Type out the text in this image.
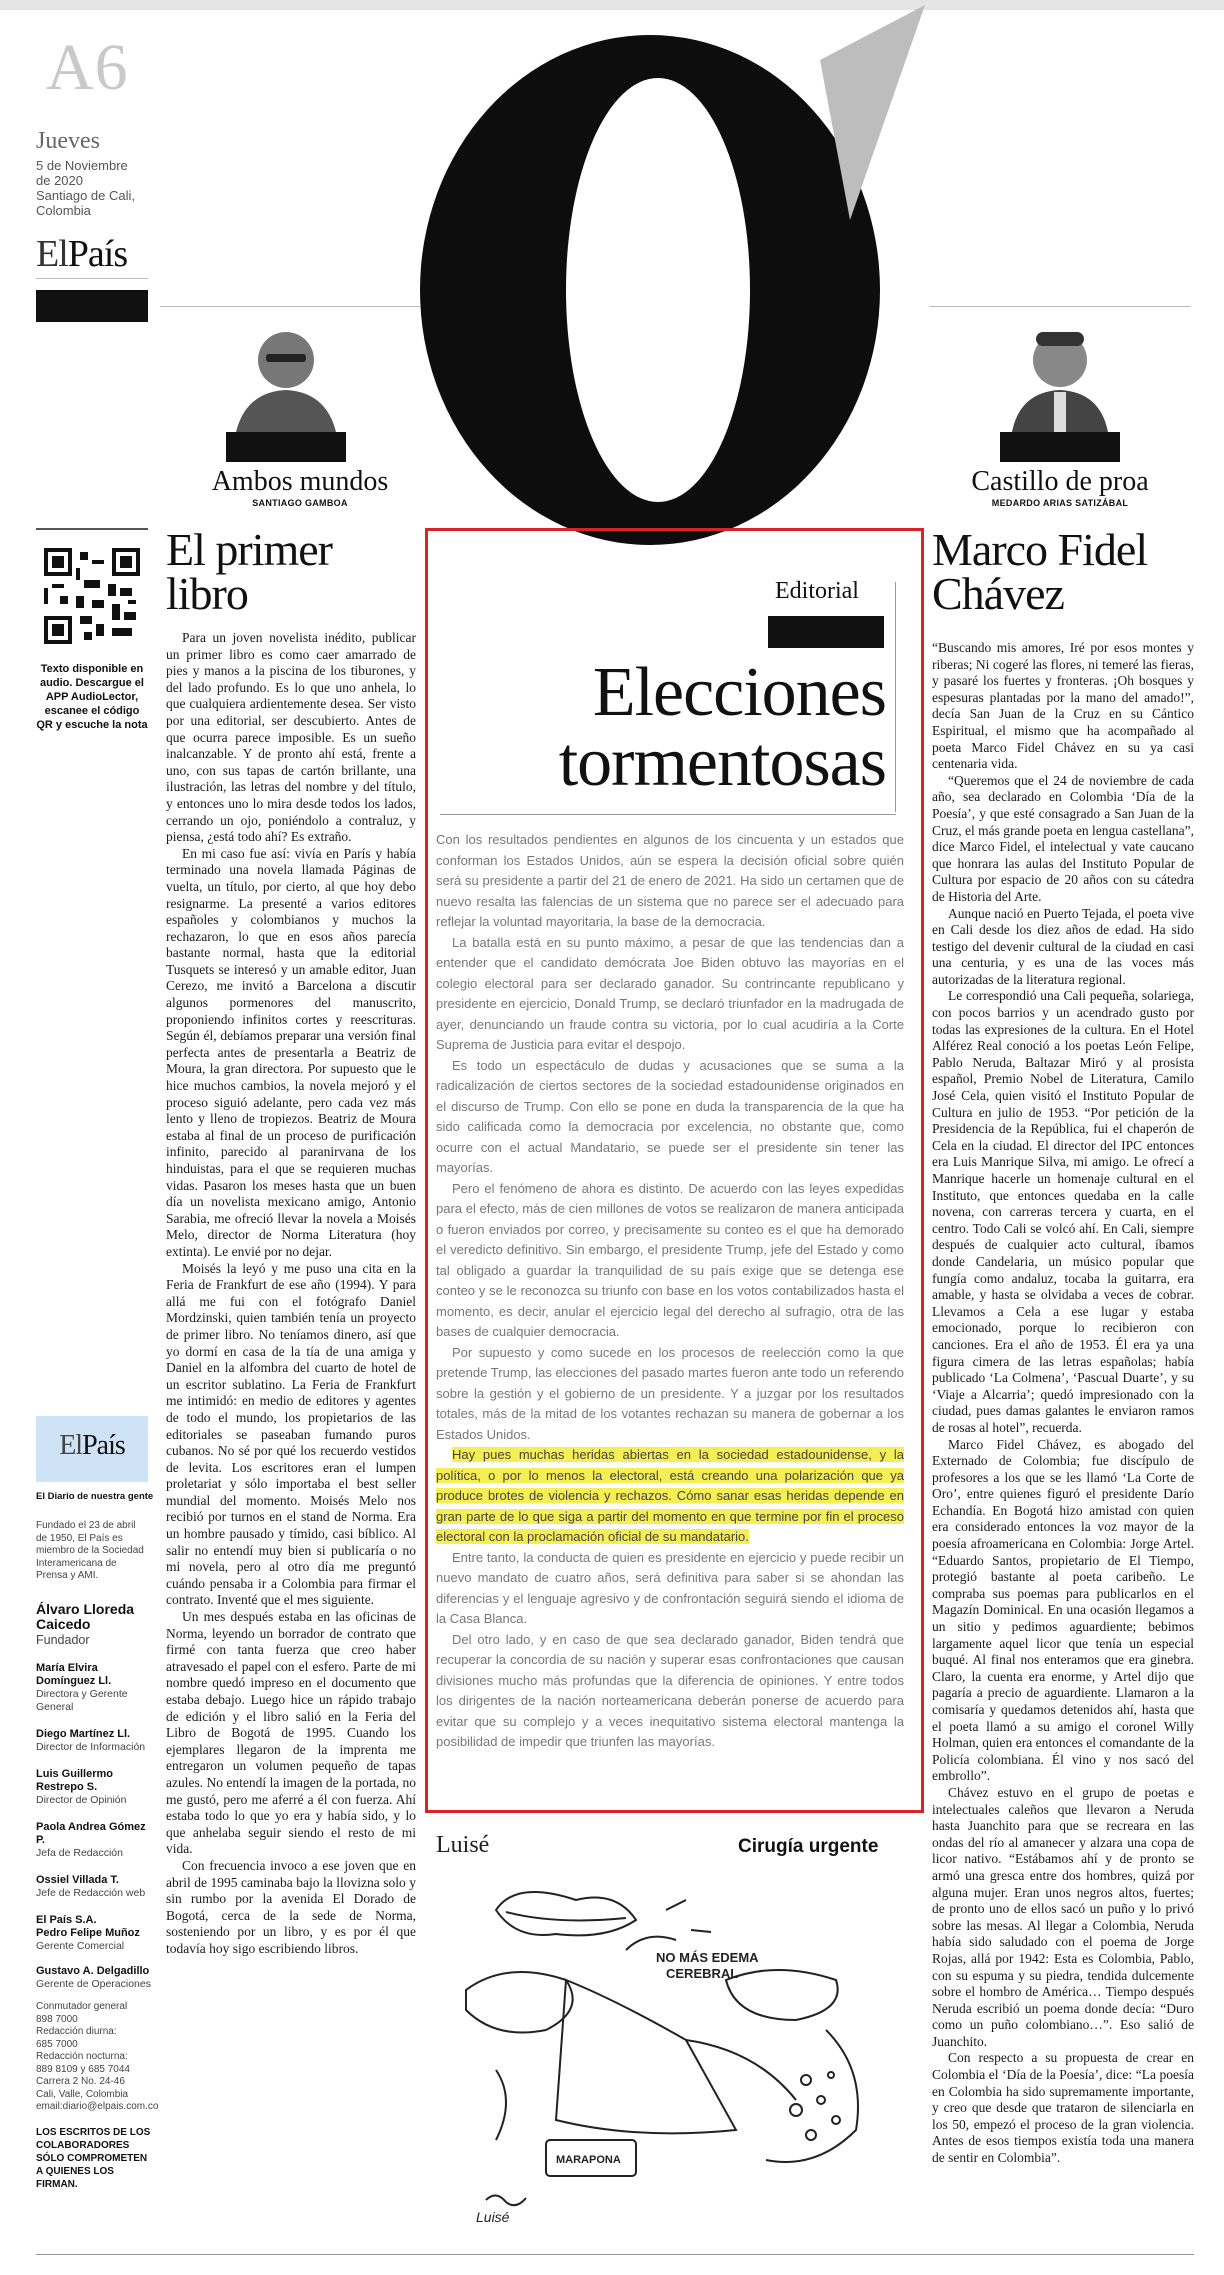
A6
Jueves
5 de Noviembre
de 2020
Santiago de Cali,
Colombia
ElPaís
Ambos mundos
SANTIAGO GAMBOA
Castillo de proa
MEDARDO ARIAS SATIZÁBAL
Texto disponible en audio. Descargue el APP AudioLector, escanee el código QR y escuche la nota
ElPaís
El Diario de nuestra gente
Fundado el 23 de abril de 1950, El País es miembro de la Sociedad Interamericana de Prensa y AMI.
Álvaro Lloreda Caicedo
Fundador
María Elvira Domínguez Ll.
Directora y Gerente General
Diego Martínez Ll.
Director de Información
Luis Guillermo Restrepo S.
Director de Opinión
Paola Andrea Gómez P.
Jefa de Redacción
Ossiel Villada T.
Jefe de Redacción web
El País S.A.
Pedro Felipe Muñoz
Gerente Comercial
Gustavo A. Delgadillo
Gerente de Operaciones
Conmutador general
898 7000
Redacción diurna:
685 7000
Redacción nocturna:
889 8109 y 685 7044
Carrera 2 No. 24-46
Cali, Valle, Colombia
email:diario@elpais.com.co
LOS ESCRITOS DE LOS COLABORADORES SÓLO COMPROMETEN A QUIENES LOS FIRMAN.
El primer libro

Para un joven novelista inédito, publicar un primer libro es como caer amarrado de pies y manos a la piscina de los tiburones, y del lado profundo. Es lo que uno anhela, lo que cualquiera ardientemente desea. Ser visto por una editorial, ser descubierto. Antes de que ocurra parece imposible. Es un sueño inalcanzable. Y de pronto ahí está, frente a uno, con sus tapas de cartón brillante, una ilustración, las letras del nombre y del título, y entonces uno lo mira desde todos los lados, cerrando un ojo, poniéndolo a contraluz, y piensa, ¿está todo ahí? Es extraño.

En mi caso fue así: vivía en París y había terminado una novela llamada Páginas de vuelta, un título, por cierto, al que hoy debo resignarme. La presenté a varios editores españoles y colombianos y muchos la rechazaron, lo que en esos años parecía bastante normal, hasta que la editorial Tusquets se interesó y un amable editor, Juan Cerezo, me invitó a Barcelona a discutir algunos pormenores del manuscrito, proponiendo infinitos cortes y reescrituras. Según él, debíamos preparar una versión final perfecta antes de presentarla a Beatriz de Moura, la gran directora. Por supuesto que le hice muchos cambios, la novela mejoró y el proceso siguió adelante, pero cada vez más lento y lleno de tropiezos. Beatriz de Moura estaba al final de un proceso de purificación infinito, parecido al paranirvana de los hinduistas, para el que se requieren muchas vidas. Pasaron los meses hasta que un buen día un novelista mexicano amigo, Antonio Sarabia, me ofreció llevar la novela a Moisés Melo, director de Norma Literatura (hoy extinta). Le envié por no dejar.

Moisés la leyó y me puso una cita en la Feria de Frankfurt de ese año (1994). Y para allá me fui con el fotógrafo Daniel Mordzinski, quien también tenía un proyecto de primer libro. No teníamos dinero, así que yo dormí en casa de la tía de una amiga y Daniel en la alfombra del cuarto de hotel de un escritor sublatino. La Feria de Frankfurt me intimidó: en medio de editores y agentes de todo el mundo, los propietarios de las editoriales se paseaban fumando puros cubanos. No sé por qué los recuerdo vestidos de levita. Los escritores eran el lumpen proletariat y sólo importaba el best seller mundial del momento. Moisés Melo nos recibió por turnos en el stand de Norma. Era un hombre pausado y tímido, casi bíblico. Al salir no entendí muy bien si publicaría o no mi novela, pero al otro día me preguntó cuándo pensaba ir a Colombia para firmar el contrato. Inventé que el mes siguiente.

Un mes después estaba en las oficinas de Norma, leyendo un borrador de contrato que firmé con tanta fuerza que creo haber atravesado el papel con el esfero. Parte de mi nombre quedó impreso en el documento que estaba debajo. Luego hice un rápido trabajo de edición y el libro salió en la Feria del Libro de Bogotá de 1995. Cuando los ejemplares llegaron de la imprenta me entregaron un volumen pequeño de tapas azules. No entendí la imagen de la portada, no me gustó, pero me aferré a él con fuerza. Ahí estaba todo lo que yo era y había sido, y lo que anhelaba seguir siendo el resto de mi vida.

Con frecuencia invoco a ese joven que en abril de 1995 caminaba bajo la llovizna solo y sin rumbo por la avenida El Dorado de Bogotá, cerca de la sede de Norma, sosteniendo por un libro, y es por él que todavía hoy sigo escribiendo libros.

Editorial
Elecciones
tormentosas

Con los resultados pendientes en algunos de los cincuenta y un estados que conforman los Estados Unidos, aún se espera la decisión oficial sobre quién será su presidente a partir del 21 de enero de 2021. Ha sido un certamen que de nuevo resalta las falencias de un sistema que no parece ser el adecuado para reflejar la voluntad mayoritaria, la base de la democracia.

La batalla está en su punto máximo, a pesar de que las tendencias dan a entender que el candidato demócrata Joe Biden obtuvo las mayorías en el colegio electoral para ser declarado ganador. Su contrincante republicano y presidente en ejercicio, Donald Trump, se declaró triunfador en la madrugada de ayer, denunciando un fraude contra su victoria, por lo cual acudiría a la Corte Suprema de Justicia para evitar el despojo.

Es todo un espectáculo de dudas y acusaciones que se suma a la radicalización de ciertos sectores de la sociedad estadounidense originados en el discurso de Trump. Con ello se pone en duda la transparencia de la que ha sido calificada como la democracia por excelencia, no obstante que, como ocurre con el actual Mandatario, se puede ser el presidente sin tener las mayorías.

Pero el fenómeno de ahora es distinto. De acuerdo con las leyes expedidas para el efecto, más de cien millones de votos se realizaron de manera anticipada o fueron enviados por correo, y precisamente su conteo es el que ha demorado el veredicto definitivo. Sin embargo, el presidente Trump, jefe del Estado y como tal obligado a guardar la tranquilidad de su país exige que se detenga ese conteo y se le reconozca su triunfo con base en los votos contabilizados hasta el momento, es decir, anular el ejercicio legal del derecho al sufragio, otra de las bases de cualquier democracia.

Por supuesto y como sucede en los procesos de reelección como la que pretende Trump, las elecciones del pasado martes fueron ante todo un referendo sobre la gestión y el gobierno de un presidente. Y a juzgar por los resultados totales, más de la mitad de los votantes rechazan su manera de gobernar a los Estados Unidos.

Hay pues muchas heridas abiertas en la sociedad estadounidense, y la política, o por lo menos la electoral, está creando una polarización que ya produce brotes de violencia y rechazos. Cómo sanar esas heridas depende en gran parte de lo que siga a partir del momento en que termine por fin el proceso electoral con la proclamación oficial de su mandatario.

Entre tanto, la conducta de quien es presidente en ejercicio y puede recibir un nuevo mandato de cuatro años, será definitiva para saber si se ahondan las diferencias y el lenguaje agresivo y de confrontación seguirá siendo el idioma de la Casa Blanca.

Del otro lado, y en caso de que sea declarado ganador, Biden tendrá que recuperar la concordia de su nación y superar esas confrontaciones que causan divisiones mucho más profundas que la diferencia de opiniones. Y entre todos los dirigentes de la nación norteamericana deberán ponerse de acuerdo para evitar que su complejo y a veces inequitativo sistema electoral mantenga la posibilidad de impedir que triunfen las mayorías.

Luisé	Cirugía urgente
NO MÁS EDEMA
CEREBRAL
MARAPONA
Luisé
Marco Fidel Chávez

“Buscando mis amores, Iré por esos montes y riberas; Ni cogeré las flores, ni temeré las fieras, y pasaré los fuertes y fronteras. ¡Oh bosques y espesuras plantadas por la mano del amado!”, decía San Juan de la Cruz en su Cántico Espiritual, el mismo que ha acompañado al poeta Marco Fidel Chávez en su ya casi centenaria vida.

“Queremos que el 24 de noviembre de cada año, sea declarado en Colombia ‘Día de la Poesía’, y que esté consagrado a San Juan de la Cruz, el más grande poeta en lengua castellana”, dice Marco Fidel, el intelectual y vate caucano que honrara las aulas del Instituto Popular de Cultura por espacio de 20 años con su cátedra de Historia del Arte.

Aunque nació en Puerto Tejada, el poeta vive en Cali desde los diez años de edad. Ha sido testigo del devenir cultural de la ciudad en casi una centuria, y es una de las voces más autorizadas de la literatura regional.

Le correspondió una Cali pequeña, solariega, con pocos barrios y un acendrado gusto por todas las expresiones de la cultura. En el Hotel Alférez Real conoció a los poetas León Felipe, Pablo Neruda, Baltazar Miró y al prosista español, Premio Nobel de Literatura, Camilo José Cela, quien visitó el Instituto Popular de Cultura en julio de 1953. “Por petición de la Presidencia de la República, fui el chaperón de Cela en la ciudad. El director del IPC entonces era Luis Manrique Silva, mi amigo. Le ofrecí a Manrique hacerle un homenaje cultural en el Instituto, que entonces quedaba en la calle novena, con carreras tercera y cuarta, en el centro. Todo Cali se volcó ahí. En Cali, siempre después de cualquier acto cultural, íbamos donde Candelaria, un músico popular que fungía como andaluz, tocaba la guitarra, era amable, y hasta se olvidaba a veces de cobrar. Llevamos a Cela a ese lugar y estaba emocionado, porque lo recibieron con canciones. Era el año de 1953. Él era ya una figura cimera de las letras españolas; había publicado ‘La Colmena’, ‘Pascual Duarte’, y su ‘Viaje a Alcarria’; quedó impresionado con la ciudad, pues damas galantes le enviaron ramos de rosas al hotel”, recuerda.

Marco Fidel Chávez, es abogado del Externado de Colombia; fue discípulo de profesores a los que se les llamó ‘La Corte de Oro’, entre quienes figuró el presidente Darío Echandía. En Bogotá hizo amistad con quien era considerado entonces la voz mayor de la poesía afroamericana en Colombia: Jorge Artel. “Eduardo Santos, propietario de El Tiempo, protegió bastante al poeta caribeño. Le compraba sus poemas para publicarlos en el Magazín Dominical. En una ocasión llegamos a un sitio y pedimos aguardiente; bebimos largamente aquel licor que tenía un especial buqué. Al final nos enteramos que era ginebra. Claro, la cuenta era enorme, y Artel dijo que pagaría a precio de aguardiente. Llamaron a la comisaría y quedamos detenidos ahí, hasta que el poeta llamó a su amigo el coronel Willy Holman, quien era entonces el comandante de la Policía colombiana. Él vino y nos sacó del embrollo”.

Chávez estuvo en el grupo de poetas e intelectuales caleños que llevaron a Neruda hasta Juanchito para que se recreara en las ondas del río al amanecer y alzara una copa de licor nativo. “Estábamos ahí y de pronto se armó una gresca entre dos hombres, quizá por alguna mujer. Eran unos negros altos, fuertes; de pronto uno de ellos sacó un puño y lo privó sobre las mesas. Al llegar a Colombia, Neruda había sido saludado con el poema de Jorge Rojas, allá por 1942: Esta es Colombia, Pablo, con su espuma y su piedra, tendida dulcemente sobre el hombro de América… Tiempo después Neruda escribió un poema donde decía: “Duro como un puño colombiano…”. Eso salió de Juanchito.

Con respecto a su propuesta de crear en Colombia el ‘Día de la Poesía’, dice: “La poesía en Colombia ha sido supremamente importante, y creo que desde que trataron de silenciarla en los 50, empezó el proceso de la gran violencia. Antes de esos tiempos existía toda una manera de sentir en Colombia”.
